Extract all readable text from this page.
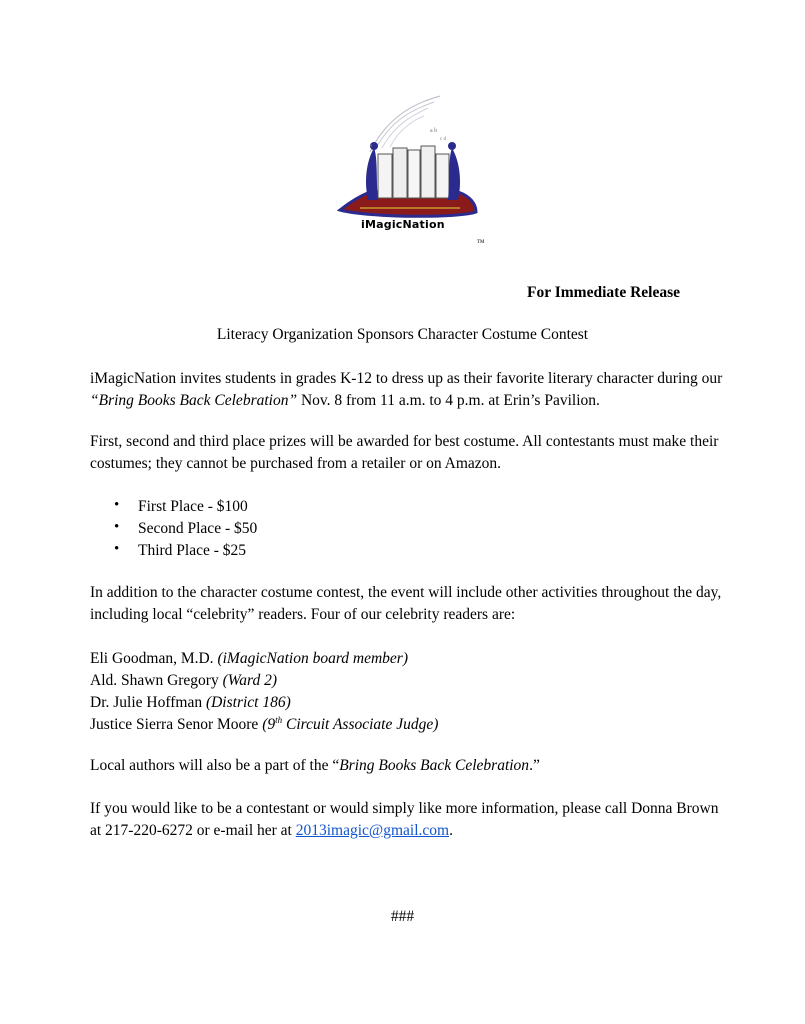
*
a b
c d
iMagicNation
TM
For Immediate Release
Literacy Organization Sponsors Character Costume Contest
iMagicNation invites students in grades K-12 to dress up as their favorite literary character during our “Bring Books Back Celebration” Nov. 8 from 11 a.m. to 4 p.m. at Erin’s Pavilion.
First, second and third place prizes will be awarded for best costume. All contestants must make their costumes; they cannot be purchased from a retailer or on Amazon.
• First Place - $100
• Second Place - $50
• Third Place - $25
In addition to the character costume contest, the event will include other activities throughout the day, including local “celebrity” readers. Four of our celebrity readers are:
Eli Goodman, M.D. (iMagicNation board member)
Ald. Shawn Gregory (Ward 2)
Dr. Julie Hoffman (District 186)
Justice Sierra Senor Moore (9th Circuit Associate Judge)
Local authors will also be a part of the “Bring Books Back Celebration.”
If you would like to be a contestant or would simply like more information, please call Donna Brown at 217-220-6272 or e-mail her at 2013imagic@gmail.com.
###
